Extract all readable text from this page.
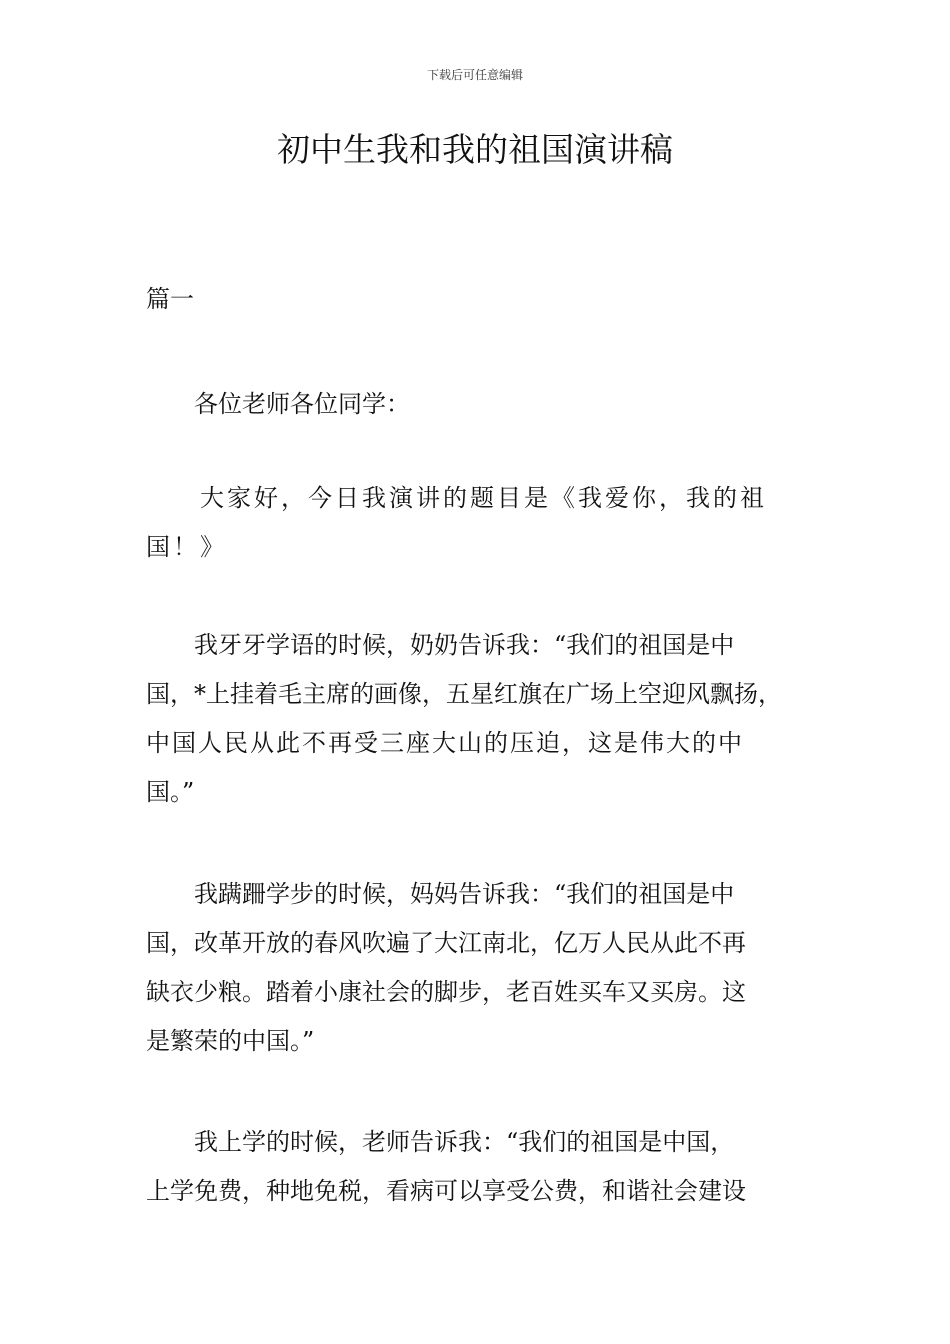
下载后可任意编辑
初中生我和我的祖国演讲稿
篇一

　　各位老师各位同学：

　　大家好，今日我演讲的题目是《我爱你，我的祖
国！》

　　我牙牙学语的时候，奶奶告诉我：“我们的祖国是中
国，*上挂着毛主席的画像，五星红旗在广场上空迎风飘扬，
中国人民从此不再受三座大山的压迫，这是伟大的中
国。”

　　我蹒跚学步的时候，妈妈告诉我：“我们的祖国是中
国，改革开放的春风吹遍了大江南北，亿万人民从此不再
缺衣少粮。踏着小康社会的脚步，老百姓买车又买房。这
是繁荣的中国。”

　　我上学的时候，老师告诉我：“我们的祖国是中国，
上学免费，种地免税，看病可以享受公费，和谐社会建设
